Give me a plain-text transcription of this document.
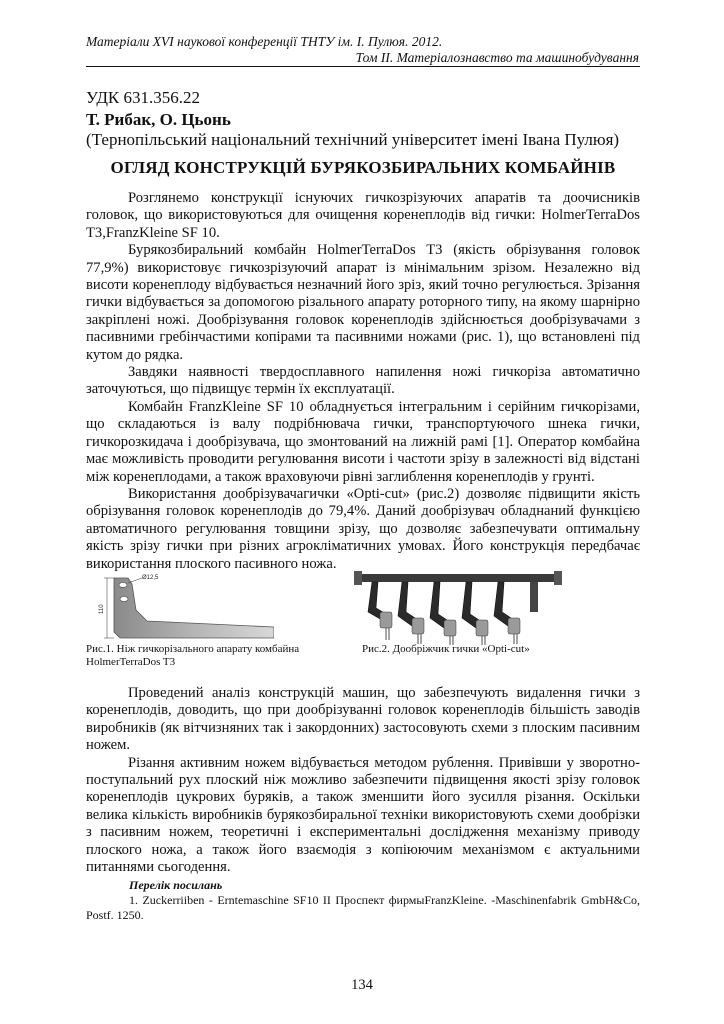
Матеріали XVI наукової конференції ТНТУ ім. І. Пулюя. 2012.
Том ІІ. Матеріалознавство та машинобудування
УДК 631.356.22
Т. Рибак, О. Цьонь
(Тернопільський національний технічний університет імені Івана Пулюя)
ОГЛЯД КОНСТРУКЦІЙ БУРЯКОЗБИРАЛЬНИХ КОМБАЙНІВ

Розглянемо конструкції існуючих гичкозрізуючих апаратів та доочисників головок, що використовуються для очищення коренеплодів від гички: HolmerTerraDos T3,FranzKleine SF 10.

Бурякозбиральний комбайн HolmerTerraDos T3 (якість обрізування головок 77,9%) використовує гичкозрізуючий апарат із мінімальним зрізом. Незалежно від висоти коренеплоду відбувається незначний його зріз, який точно регулюється. Зрізання гички відбувається за допомогою різального апарату роторного типу, на якому шарнірно закріплені ножі. Дообрізування головок коренеплодів здійснюється дообрізувачами з пасивними гребінчастими копірами та пасивними ножами (рис. 1), що встановлені під кутом до рядка.

Завдяки наявності твердосплавного напилення ножі гичкоріза автоматично заточуються, що підвищує термін їх експлуатації.

Комбайн FranzKleine SF 10 обладнується інтегральним і серійним гичкорізами, що складаються із валу подрібнювача гички, транспортуючого шнека гички, гичкорозкидача і дообрізувача, що змонтований на лижній рамі [1]. Оператор комбайна має можливість проводити регулювання висоти і частоти зрізу в залежності від відстані між коренеплодами, а також враховуючи рівні заглиблення коренеплодів у грунті.

Використання дообрізувачагички «Opti-cut» (рис.2) дозволяє підвищити якість обрізування головок коренеплодів до 79,4%. Даний дообрізувач обладнаний функцією автоматичного регулювання товщини зрізу, що дозволяє забезпечувати оптимальну якість зрізу гички при різних агрокліматичних умовах. Його конструкція передбачає використання плоского пасивного ножа.

Ø12,5
110
Рис.1. Ніж гичкорізального апарату комбайна HolmerTerraDos T3
Рис.2. Дообріжчик гички «Opti-cut»

Проведений аналіз конструкцій машин, що забезпечують видалення гички з коренеплодів, доводить, що при дообрізуванні головок коренеплодів більшість заводів виробників (як вітчизняних так і закордонних) застосовують схеми з плоским пасивним ножем.

Різання активним ножем відбувається методом рублення. Привівши у зворотно-поступальний рух плоский ніж можливо забезпечити підвищення якості зрізу головок коренеплодів цукрових буряків, а також зменшити його зусилля різання. Оскільки велика кількість виробників бурякозбиральної техніки використовують схеми дообрізки з пасивним ножем, теоретичні і експериментальні дослідження механізму приводу плоского ножа, а також його взаємодія з копіюючим механізмом є актуальними питаннями сьогодення.

Перелік посилань
1. Zuckerriiben - Erntemaschine SF10 II Проспект фирмыFranzKleine. -Maschinenfabrik GmbH&Co, Postf. 1250.
134
